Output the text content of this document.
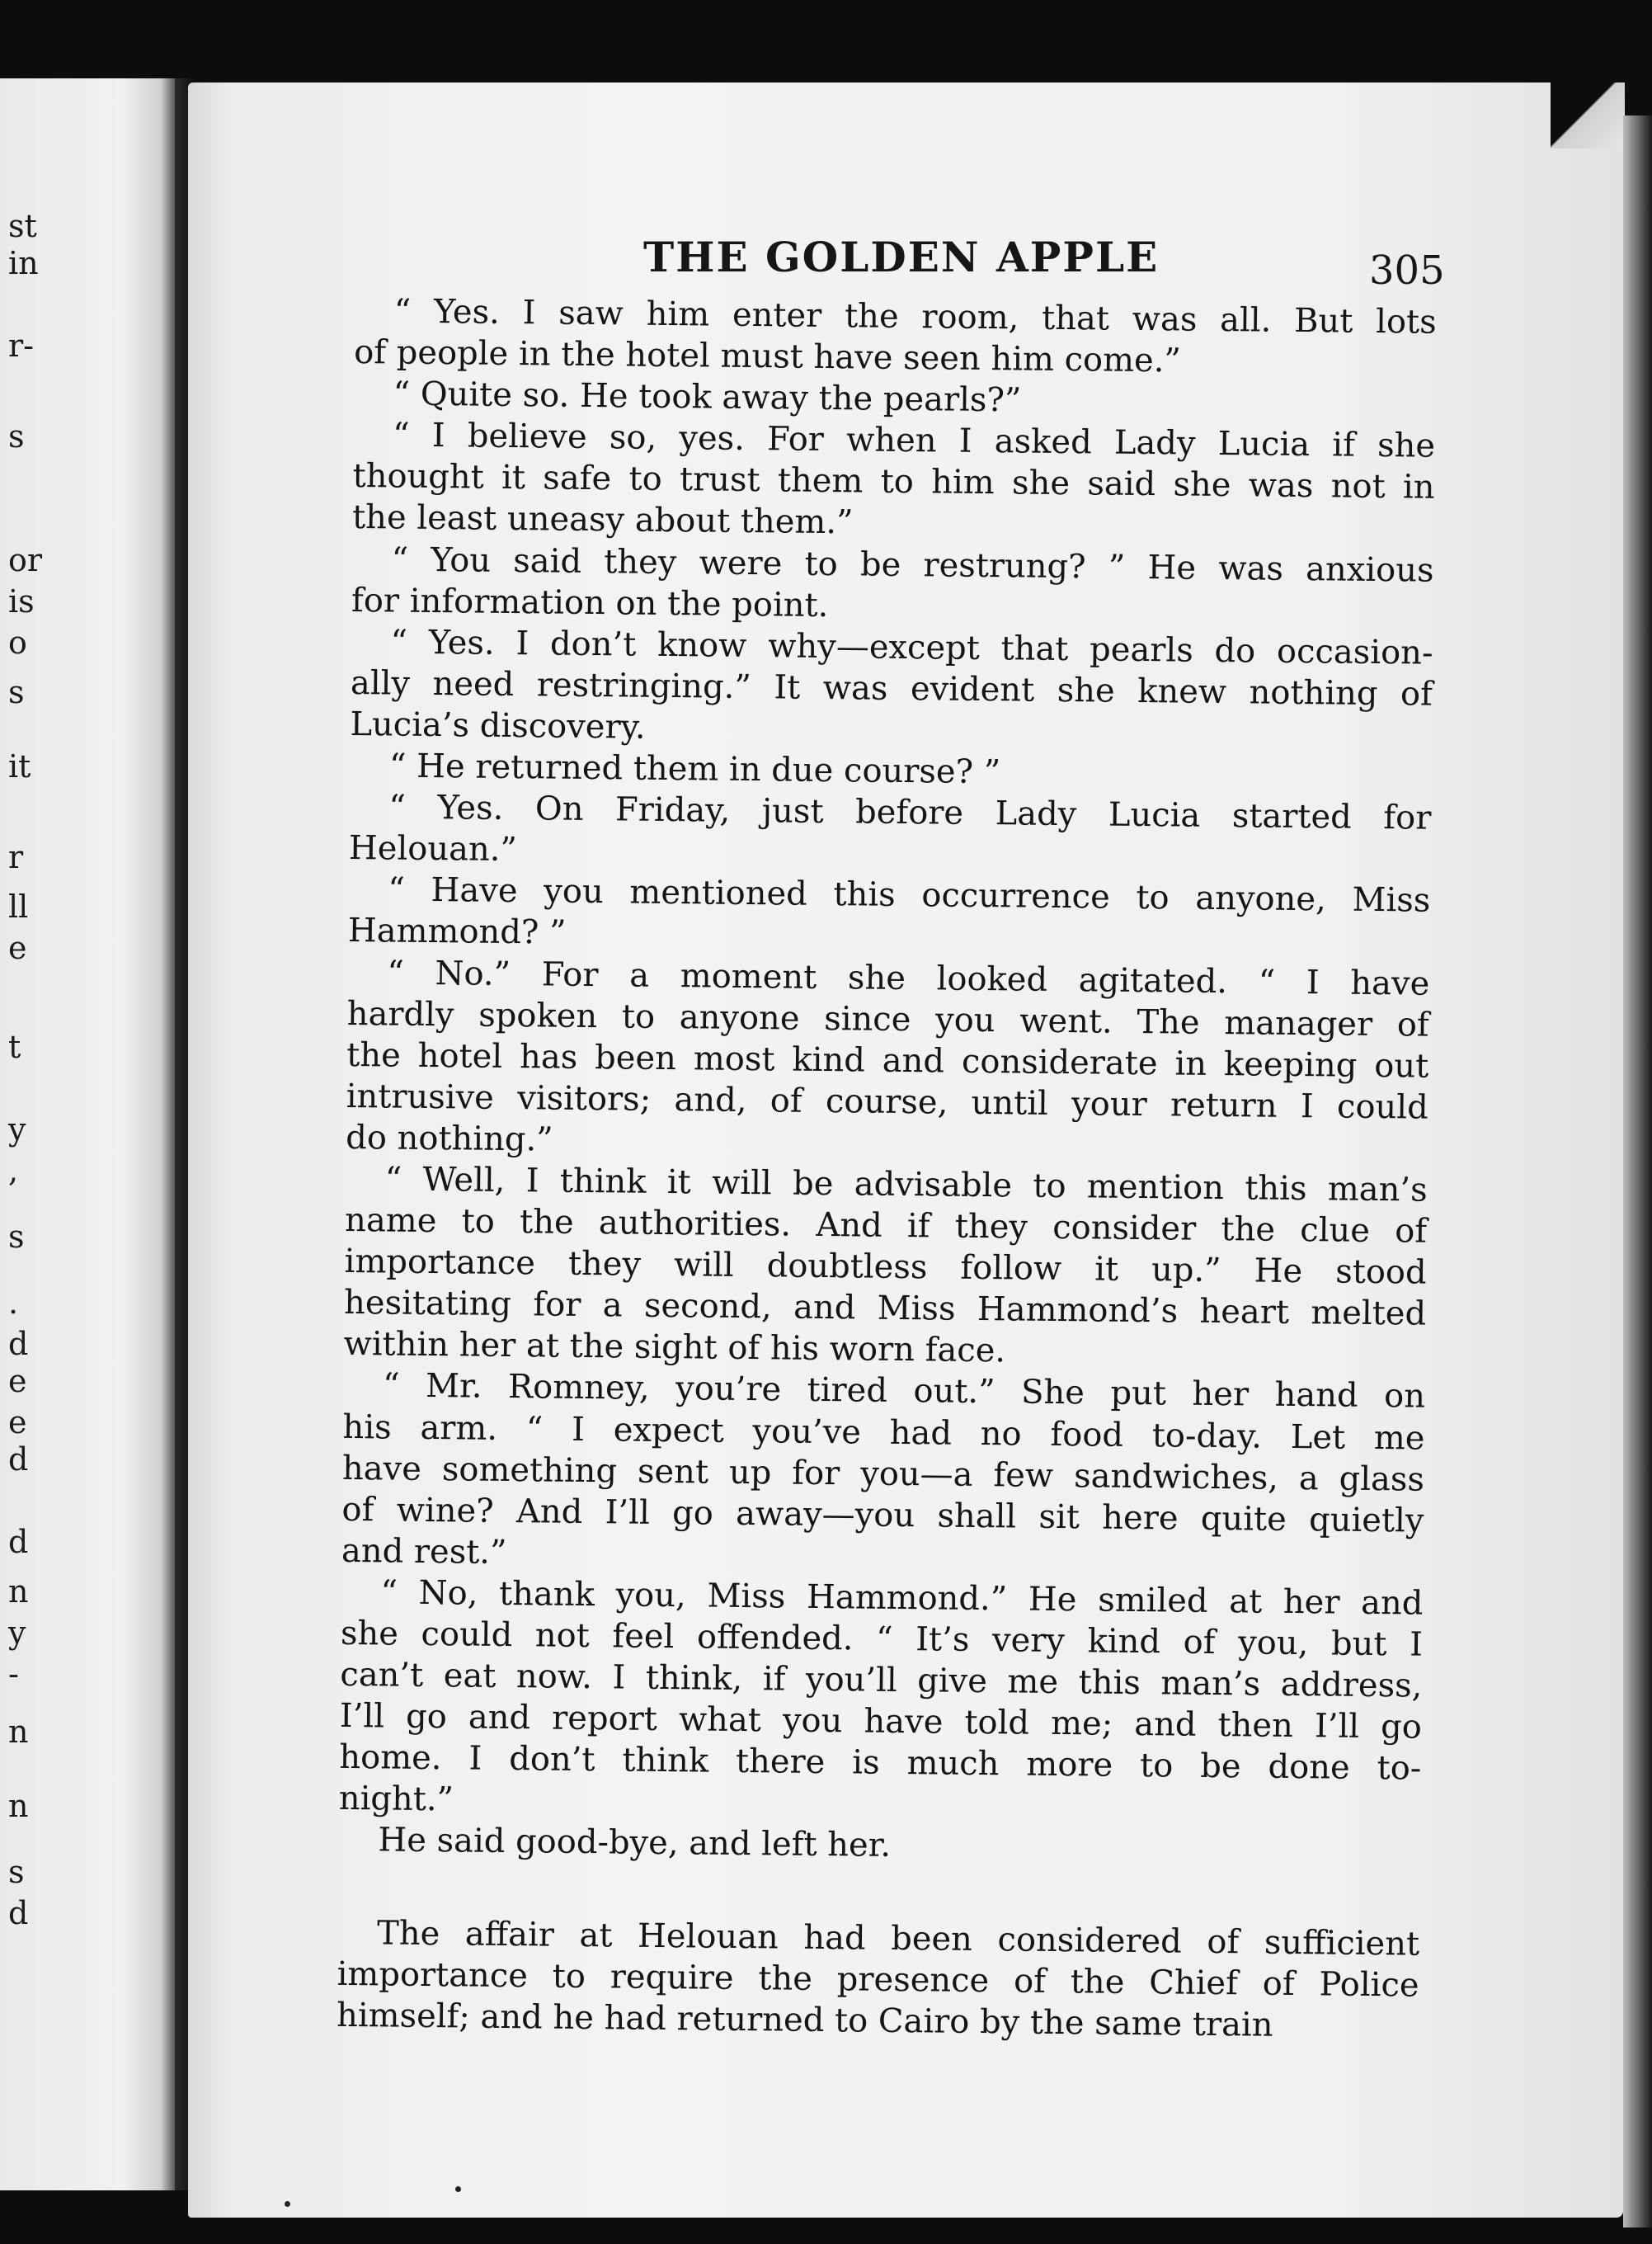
st
in
r-
s
or
is
o
s
it
r
ll
e
t
y
,
s
.
d
e
e
d
d
n
y
-
n
n
s
d
THE GOLDEN APPLE	305
“ Yes. I saw him enter the room, that was all. But lots
of people in the hotel must have seen him come.”
“ Quite so. He took away the pearls?”
“ I believe so, yes. For when I asked Lady Lucia if she
thought it safe to trust them to him she said she was not in
the least uneasy about them.”
“ You said they were to be restrung? ” He was anxious
for information on the point.
“ Yes. I don’t know why—except that pearls do occasion-
ally need restringing.” It was evident she knew nothing of
Lucia’s discovery.
“ He returned them in due course? ”
“ Yes. On Friday, just before Lady Lucia started for
Helouan.”
“ Have you mentioned this occurrence to anyone, Miss
Hammond? ”
“ No.” For a moment she looked agitated. “ I have
hardly spoken to anyone since you went. The manager of
the hotel has been most kind and considerate in keeping out
intrusive visitors; and, of course, until your return I could
do nothing.”
“ Well, I think it will be advisable to mention this man’s
name to the authorities. And if they consider the clue of
importance they will doubtless follow it up.” He stood
hesitating for a second, and Miss Hammond’s heart melted
within her at the sight of his worn face.
“ Mr. Romney, you’re tired out.” She put her hand on
his arm. “ I expect you’ve had no food to-day. Let me
have something sent up for you—a few sandwiches, a glass
of wine? And I’ll go away—you shall sit here quite quietly
and rest.”
“ No, thank you, Miss Hammond.” He smiled at her and
she could not feel offended. “ It’s very kind of you, but I
can’t eat now. I think, if you’ll give me this man’s address,
I’ll go and report what you have told me; and then I’ll go
home. I don’t think there is much more to be done to-
night.”
He said good-bye, and left her.
The affair at Helouan had been considered of sufficient
importance to require the presence of the Chief of Police
himself; and he had returned to Cairo by the same train
